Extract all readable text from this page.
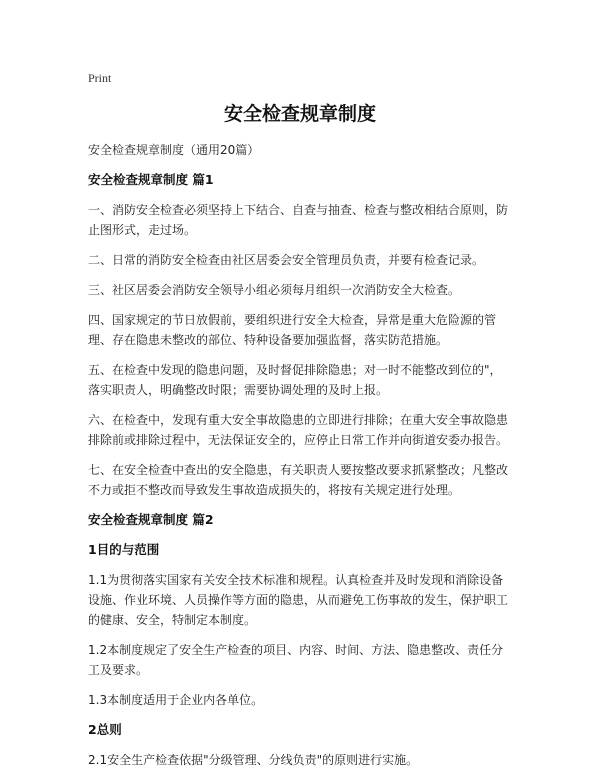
Print
安全检查规章制度
安全检查规章制度（通用20篇）
安全检查规章制度 篇1
一、消防安全检查必须坚持上下结合、自查与抽查、检查与整改相结合原则，防止图形式，走过场。
二、日常的消防安全检查由社区居委会安全管理员负责，并要有检查记录。
三、社区居委会消防安全领导小组必须每月组织一次消防安全大检查。
四、国家规定的节日放假前，要组织进行安全大检查，异常是重大危险源的管理、存在隐患未整改的部位、特种设备要加强监督，落实防范措施。
五、在检查中发现的隐患问题，及时督促排除隐患；对一时不能整改到位的"，落实职责人，明确整改时限；需要协调处理的及时上报。
六、在检查中，发现有重大安全事故隐患的立即进行排除；在重大安全事故隐患排除前或排除过程中，无法保证安全的，应停止日常工作并向街道安委办报告。
七、在安全检查中查出的安全隐患，有关职责人要按整改要求抓紧整改；凡整改不力或拒不整改而导致发生事故造成损失的，将按有关规定进行处理。
安全检查规章制度 篇2
1目的与范围
1.1为贯彻落实国家有关安全技术标准和规程。认真检查并及时发现和消除设备设施、作业环境、人员操作等方面的隐患，从而避免工伤事故的发生，保护职工的健康、安全，特制定本制度。
1.2本制度规定了安全生产检查的项目、内容、时间、方法、隐患整改、责任分工及要求。
1.3本制度适用于企业内各单位。
2总则
2.1安全生产检查依据"分级管理、分线负责"的原则进行实施。
